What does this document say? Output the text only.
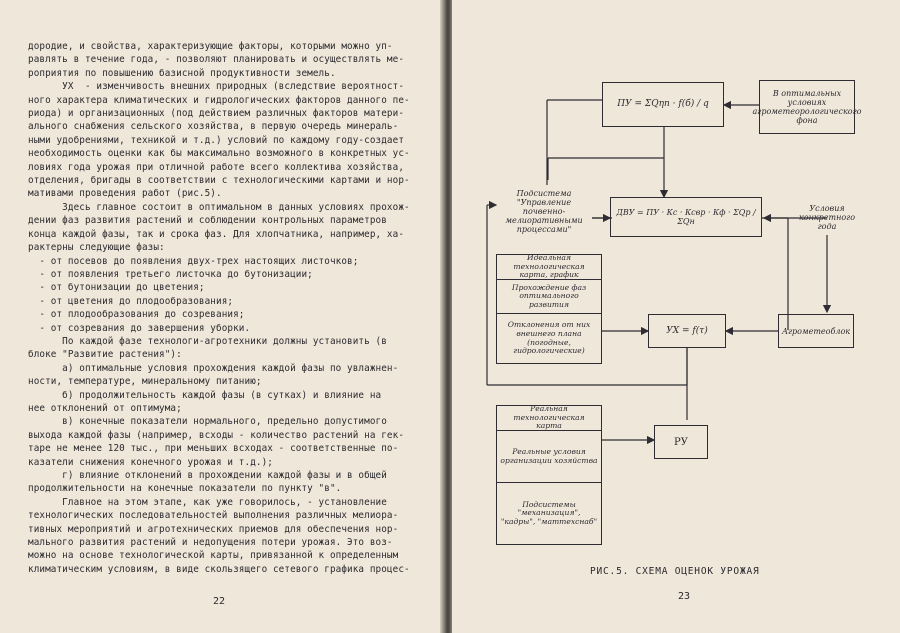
дородие, и свойства, характеризующие факторы, которыми можно уп-

равлять в течение года, - позволяют планировать и осуществлять ме-

роприятия по повышению базисной продуктивности земель.

УХ  - изменчивость внешних природных (вследствие вероятност-

ного характера климатических и гидрологических факторов данного пе-

риода) и организационных (под действием различных факторов матери-

ального снабжения сельского хозяйства, в первую очередь минераль-

ными удобрениями, техникой и т.д.) условий по каждому году-создает

необходимость оценки как бы максимально возможного в конкретных ус-

ловиях года урожая при отличной работе всего коллектива хозяйства,

отделения, бригады в соответствии с технологическими картами и нор-

мативами проведения работ (рис.5).

Здесь главное состоит в оптимальном в данных условиях прохож-

дении фаз развития растений и соблюдении контрольных параметров

конца каждой фазы, так и срока фаз. Для хлопчатника, например, ха-

рактерны следующие фазы:

- от посевов до появления двух-трех настоящих листочков;

- от появления третьего листочка до бутонизации;

- от бутонизации до цветения;

- от цветения до плодообразования;

- от плодообразования до созревания;

- от созревания до завершения уборки.

По каждой фазе технологи-агротехники должны установить (в

блоке "Развитие растения"):

а) оптимальные условия прохождения каждой фазы по увлажнен-

ности, температуре, минеральному питанию;

б) продолжительность каждой фазы (в сутках) и влияние на

нее отклонений от оптимума;

в) конечные показатели нормального, предельно допустимого

выхода каждой фазы (например, всходы - количество растений на гек-

таре не менее 120 тыс., при меньших всходах - соответственные по-

казатели снижения конечного урожая и т.д.);

г) влияние отклонений в прохождении каждой фазы и в общей

продолжительности на конечные показатели по пункту "в".

Главное на этом этапе, как уже говорилось, - установление

технологических последовательностей выполнения различных мелиора-

тивных мероприятий и агротехнических приемов для обеспечения нор-

мального развития растений и недопущения потери урожая. Это воз-

можно на основе технологической карты, привязанной к определенным

климатическим условиям, в виде скользящего сетевого графика процес-

22
ПУ = ΣQηп · f(б) / q
В оптимальных условиях агрометеорологического фона
Подсистема "Управление почвенно-мелиоративными процессами"
ДВУ = ПУ · Кс · Ксвр · Кф · ΣQр / ΣQн
Условия конкретного года
Идеальная технологическая карта, график
Прохождение фаз оптимального развития
Отклонения от них внешнего плана (погодные, гидрологические)
УХ = f(τ)	Агрометеоблок
Реальная технологическая карта
Реальные условия организации хозяйства
Подсистемы "механизация", "кадры", "маттехснаб"
РУ
РИС.5. СХЕМА ОЦЕНОК УРОЖАЯ
23
